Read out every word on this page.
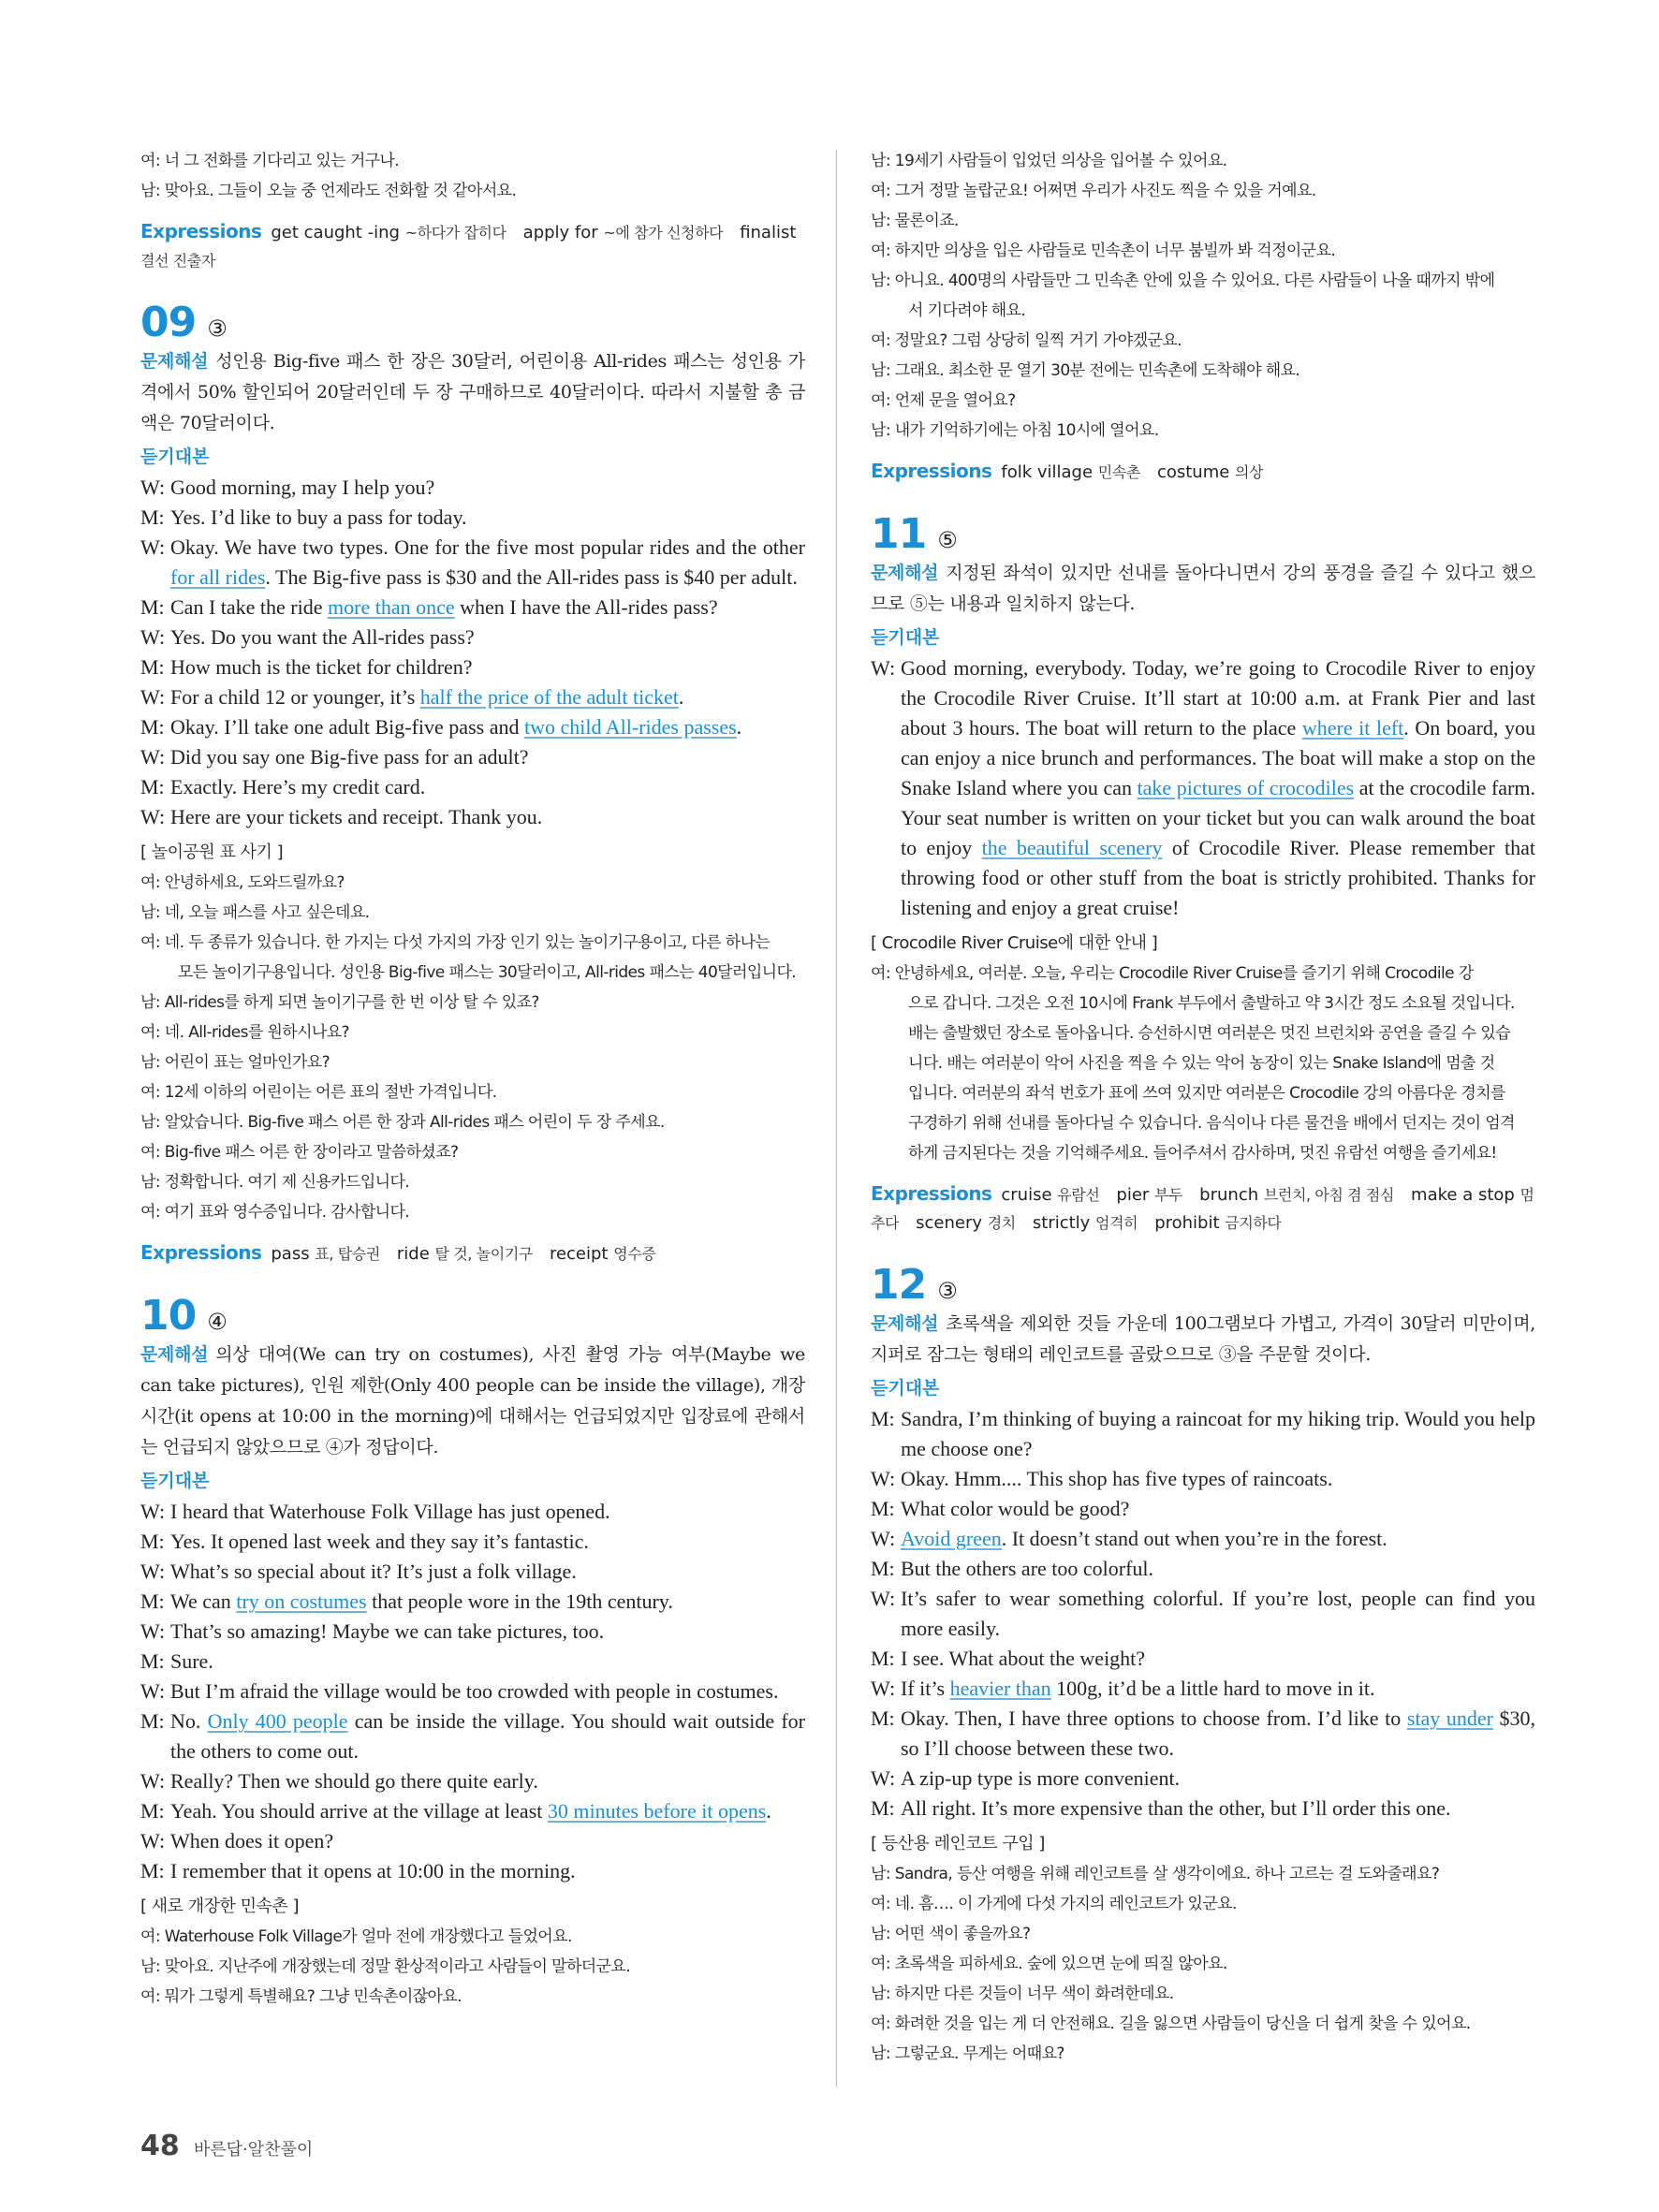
여: 너 그 전화를 기다리고 있는 거구나.
남: 맞아요. 그들이 오늘 중 언제라도 전화할 것 같아서요.
Expressions get caught -ing ~하다가 잡히다  apply for ~에 참가 신청하다  finalist 결선 진출자 
09 ③
문제해설 성인용 Big-five 패스 한 장은 30달러, 어린이용 All-rides 패스는 성인용 가격에서 50% 할인되어 20달러인데 두 장 구매하므로 40달러이다. 따라서 지불할 총 금액은 70달러이다.
듣기대본
W: Good morning, may I help you?
M: Yes. I’d like to buy a pass for today.
W: Okay. We have two types. One for the five most popular rides and the other for all rides. The Big-five pass is $30 and the All-rides pass is $40 per adult.
M: Can I take the ride more than once when I have the All-rides pass?
W: Yes. Do you want the All-rides pass?
M: How much is the ticket for children?
W: For a child 12 or younger, it’s half the price of the adult ticket.
M: Okay. I’ll take one adult Big-five pass and two child All-rides passes.
W: Did you say one Big-five pass for an adult?
M: Exactly. Here’s my credit card.
W: Here are your tickets and receipt. Thank you.
[ 놀이공원 표 사기 ]
여: 안녕하세요, 도와드릴까요?
남: 네, 오늘 패스를 사고 싶은데요.
여: 네. 두 종류가 있습니다. 한 가지는 다섯 가지의 가장 인기 있는 놀이기구용이고, 다른 하나는
모든 놀이기구용입니다. 성인용 Big-five 패스는 30달러이고, All-rides 패스는 40달러입니다.
남: All-rides를 하게 되면 놀이기구를 한 번 이상 탈 수 있죠?
여: 네. All-rides를 원하시나요?
남: 어린이 표는 얼마인가요?
여: 12세 이하의 어린이는 어른 표의 절반 가격입니다.
남: 알았습니다. Big-five 패스 어른 한 장과 All-rides 패스 어린이 두 장 주세요.
여: Big-five 패스 어른 한 장이라고 말씀하셨죠?
남: 정확합니다. 여기 제 신용카드입니다.
여: 여기 표와 영수증입니다. 감사합니다.
Expressions pass 표, 탑승권  ride 탈 것, 놀이기구  receipt 영수증 
10 ④
문제해설 의상 대여(We can try on costumes), 사진 촬영 가능 여부(Maybe we can take pictures), 인원 제한(Only 400 people can be inside the village), 개장 시간(it opens at 10:00 in the morning)에 대해서는 언급되었지만 입장료에 관해서는 언급되지 않았으므로 ④가 정답이다.
듣기대본
W: I heard that Waterhouse Folk Village has just opened.
M: Yes. It opened last week and they say it’s fantastic.
W: What’s so special about it? It’s just a folk village.
M: We can try on costumes that people wore in the 19th century.
W: That’s so amazing! Maybe we can take pictures, too.
M: Sure.
W: But I’m afraid the village would be too crowded with people in costumes.
M: No. Only 400 people can be inside the village. You should wait outside for the others to come out.
W: Really? Then we should go there quite early.
M: Yeah. You should arrive at the village at least 30 minutes before it opens.
W: When does it open?
M: I remember that it opens at 10:00 in the morning.
[ 새로 개장한 민속촌 ]
여: Waterhouse Folk Village가 얼마 전에 개장했다고 들었어요.
남: 맞아요. 지난주에 개장했는데 정말 환상적이라고 사람들이 말하더군요.
여: 뭐가 그렇게 특별해요? 그냥 민속촌이잖아요.
남: 19세기 사람들이 입었던 의상을 입어볼 수 있어요.
여: 그거 정말 놀랍군요! 어쩌면 우리가 사진도 찍을 수 있을 거예요.
남: 물론이죠.
여: 하지만 의상을 입은 사람들로 민속촌이 너무 붐빌까 봐 걱정이군요.
남: 아니요. 400명의 사람들만 그 민속촌 안에 있을 수 있어요. 다른 사람들이 나올 때까지 밖에
서 기다려야 해요.
여: 정말요? 그럼 상당히 일찍 거기 가야겠군요.
남: 그래요. 최소한 문 열기 30분 전에는 민속촌에 도착해야 해요.
여: 언제 문을 열어요?
남: 내가 기억하기에는 아침 10시에 열어요.
Expressions folk village 민속촌  costume 의상 
11 ⑤
문제해설 지정된 좌석이 있지만 선내를 돌아다니면서 강의 풍경을 즐길 수 있다고 했으므로 ⑤는 내용과 일치하지 않는다.
듣기대본
W: Good morning, everybody. Today, we’re going to Crocodile River to enjoy the Crocodile River Cruise. It’ll start at 10:00 a.m. at Frank Pier and last about 3 hours. The boat will return to the place where it left. On board, you can enjoy a nice brunch and performances. The boat will make a stop on the Snake Island where you can take pictures of crocodiles at the crocodile farm. Your seat number is written on your ticket but you can walk around the boat to enjoy the beautiful scenery of Crocodile River. Please remember that throwing food or other stuff from the boat is strictly prohibited. Thanks for listening and enjoy a great cruise!
[ Crocodile River Cruise에 대한 안내 ]
여: 안녕하세요, 여러분. 오늘, 우리는 Crocodile River Cruise를 즐기기 위해 Crocodile 강
으로 갑니다. 그것은 오전 10시에 Frank 부두에서 출발하고 약 3시간 정도 소요될 것입니다.
배는 출발했던 장소로 돌아옵니다. 승선하시면 여러분은 멋진 브런치와 공연을 즐길 수 있습
니다. 배는 여러분이 악어 사진을 찍을 수 있는 악어 농장이 있는 Snake Island에 멈출 것
입니다. 여러분의 좌석 번호가 표에 쓰여 있지만 여러분은 Crocodile 강의 아름다운 경치를
구경하기 위해 선내를 돌아다닐 수 있습니다. 음식이나 다른 물건을 배에서 던지는 것이 엄격
하게 금지된다는 것을 기억해주세요. 들어주셔서 감사하며, 멋진 유람선 여행을 즐기세요!
Expressions cruise 유람선  pier 부두  brunch 브런치, 아침 겸 점심  make a stop 멈추다  scenery 경치  strictly 엄격히  prohibit 금지하다 
12 ③
문제해설 초록색을 제외한 것들 가운데 100그램보다 가볍고, 가격이 30달러 미만이며, 지퍼로 잠그는 형태의 레인코트를 골랐으므로 ③을 주문할 것이다.
듣기대본
M: Sandra, I’m thinking of buying a raincoat for my hiking trip. Would you help me choose one?
W: Okay. Hmm.... This shop has five types of raincoats.
M: What color would be good?
W: Avoid green. It doesn’t stand out when you’re in the forest.
M: But the others are too colorful.
W: It’s safer to wear something colorful. If you’re lost, people can find you more easily.
M: I see. What about the weight?
W: If it’s heavier than 100g, it’d be a little hard to move in it.
M: Okay. Then, I have three options to choose from. I’d like to stay under $30, so I’ll choose between these two.
W: A zip-up type is more convenient.
M: All right. It’s more expensive than the other, but I’ll order this one.
[ 등산용 레인코트 구입 ]
남: Sandra, 등산 여행을 위해 레인코트를 살 생각이에요. 하나 고르는 걸 도와줄래요?
여: 네. 흠…. 이 가게에 다섯 가지의 레인코트가 있군요.
남: 어떤 색이 좋을까요?
여: 초록색을 피하세요. 숲에 있으면 눈에 띄질 않아요.
남: 하지만 다른 것들이 너무 색이 화려한데요.
여: 화려한 것을 입는 게 더 안전해요. 길을 잃으면 사람들이 당신을 더 쉽게 찾을 수 있어요.
남: 그렇군요. 무게는 어때요?
48 바른답·알찬풀이
